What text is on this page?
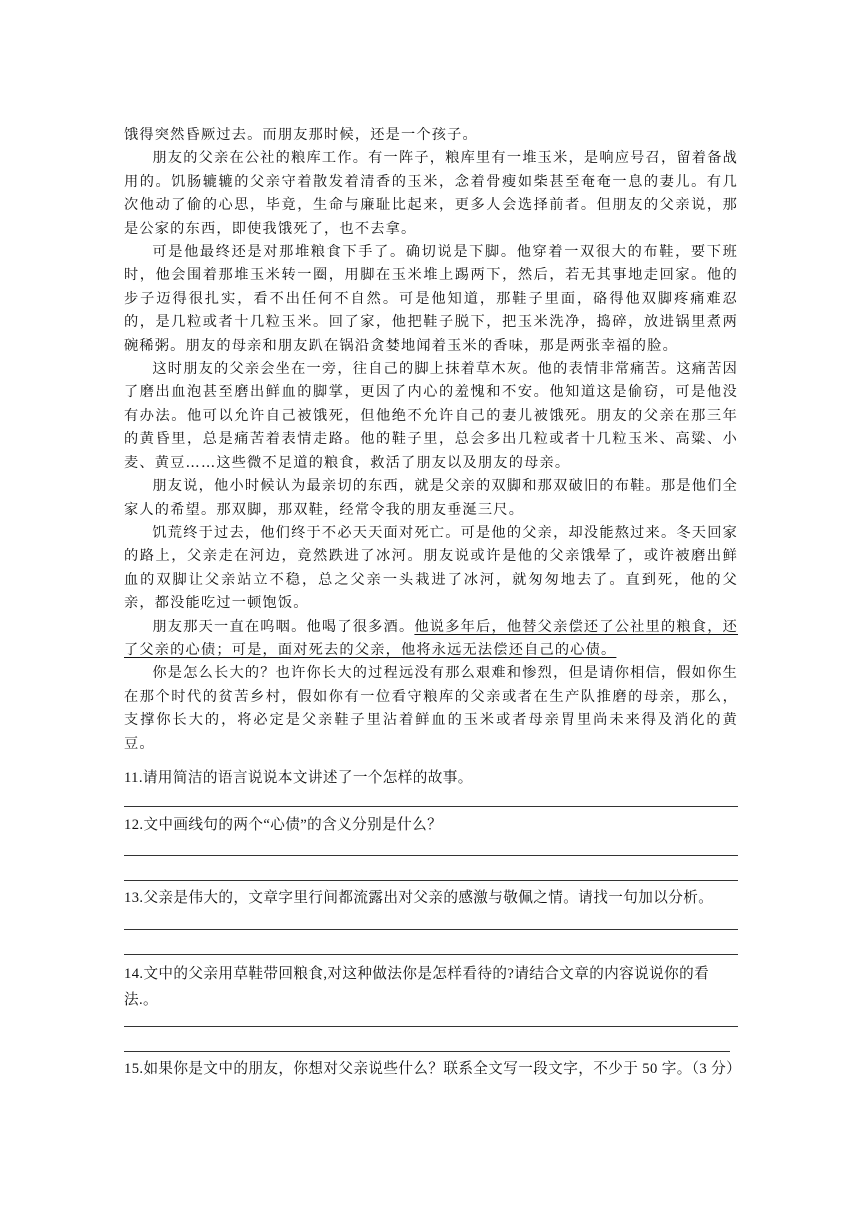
饿得突然昏厥过去。而朋友那时候，还是一个孩子。

朋友的父亲在公社的粮库工作。有一阵子，粮库里有一堆玉米，是响应号召，留着备战用的。饥肠辘辘的父亲守着散发着清香的玉米，念着骨瘦如柴甚至奄奄一息的妻儿。有几次他动了偷的心思，毕竟，生命与廉耻比起来，更多人会选择前者。但朋友的父亲说，那是公家的东西，即使我饿死了，也不去拿。

可是他最终还是对那堆粮食下手了。确切说是下脚。他穿着一双很大的布鞋，要下班时，他会围着那堆玉米转一圈，用脚在玉米堆上踢两下，然后，若无其事地走回家。他的步子迈得很扎实，看不出任何不自然。可是他知道，那鞋子里面，硌得他双脚疼痛难忍的，是几粒或者十几粒玉米。回了家，他把鞋子脱下，把玉米洗净，捣碎，放进锅里煮两碗稀粥。朋友的母亲和朋友趴在锅沿贪婪地闻着玉米的香味，那是两张幸福的脸。

这时朋友的父亲会坐在一旁，往自己的脚上抹着草木灰。他的表情非常痛苦。这痛苦因了磨出血泡甚至磨出鲜血的脚掌，更因了内心的羞愧和不安。他知道这是偷窃，可是他没有办法。他可以允许自己被饿死，但他绝不允许自己的妻儿被饿死。朋友的父亲在那三年的黄昏里，总是痛苦着表情走路。他的鞋子里，总会多出几粒或者十几粒玉米、高粱、小麦、黄豆……这些微不足道的粮食，救活了朋友以及朋友的母亲。

朋友说，他小时候认为最亲切的东西，就是父亲的双脚和那双破旧的布鞋。那是他们全家人的希望。那双脚，那双鞋，经常令我的朋友垂涎三尺。

饥荒终于过去，他们终于不必天天面对死亡。可是他的父亲，却没能熬过来。冬天回家的路上，父亲走在河边，竟然跌进了冰河。朋友说或许是他的父亲饿晕了，或许被磨出鲜血的双脚让父亲站立不稳，总之父亲一头栽进了冰河，就匆匆地去了。直到死，他的父亲，都没能吃过一顿饱饭。

朋友那天一直在呜咽。他喝了很多酒。他说多年后，他替父亲偿还了公社里的粮食，还了父亲的心债；可是，面对死去的父亲，他将永远无法偿还自己的心债。

你是怎么长大的？也许你长大的过程远没有那么艰难和惨烈，但是请你相信，假如你生在那个时代的贫苦乡村，假如你有一位看守粮库的父亲或者在生产队推磨的母亲，那么，支撑你长大的，将必定是父亲鞋子里沾着鲜血的玉米或者母亲胃里尚未来得及消化的黄豆。

11.请用简洁的语言说说本文讲述了一个怎样的故事。
12.文中画线句的两个“心债”的含义分别是什么？
13.父亲是伟大的，文章字里行间都流露出对父亲的感激与敬佩之情。请找一句加以分析。
14.文中的父亲用草鞋带回粮食,对这种做法你是怎样看待的?请结合文章的内容说说你的看法.。
15.如果你是文中的朋友，你想对父亲说些什么？联系全文写一段文字，不少于 50 字。（3 分）
